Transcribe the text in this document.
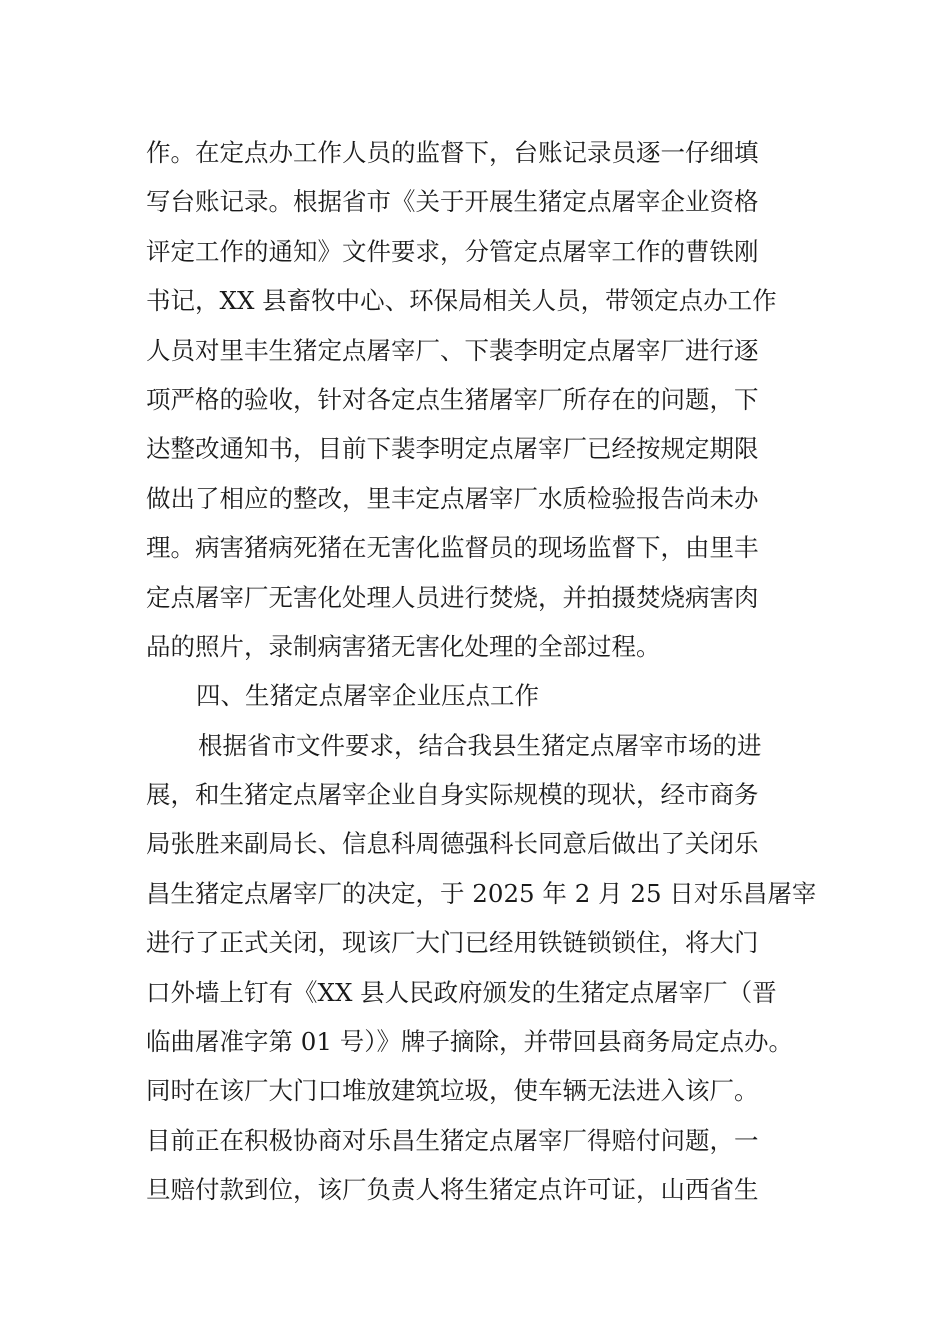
作。在定点办工作人员的监督下，台账记录员逐一仔细填
写台账记录。根据省市《关于开展生猪定点屠宰企业资格
评定工作的通知》文件要求，分管定点屠宰工作的曹铁刚
书记，XX 县畜牧中心、环保局相关人员，带领定点办工作
人员对里丰生猪定点屠宰厂、下裴李明定点屠宰厂进行逐
项严格的验收，针对各定点生猪屠宰厂所存在的问题，下
达整改通知书，目前下裴李明定点屠宰厂已经按规定期限
做出了相应的整改，里丰定点屠宰厂水质检验报告尚未办
理。病害猪病死猪在无害化监督员的现场监督下，由里丰
定点屠宰厂无害化处理人员进行焚烧，并拍摄焚烧病害肉
品的照片，录制病害猪无害化处理的全部过程。
四、生猪定点屠宰企业压点工作
根据省市文件要求，结合我县生猪定点屠宰市场的进
展，和生猪定点屠宰企业自身实际规模的现状，经市商务
局张胜来副局长、信息科周德强科长同意后做出了关闭乐
昌生猪定点屠宰厂的决定，于 2025 年 2 月 25 日对乐昌屠宰
进行了正式关闭，现该厂大门已经用铁链锁锁住，将大门
口外墙上钉有《XX 县人民政府颁发的生猪定点屠宰厂（晋
临曲屠准字第 01 号）》牌子摘除，并带回县商务局定点办。
同时在该厂大门口堆放建筑垃圾，使车辆无法进入该厂。
目前正在积极协商对乐昌生猪定点屠宰厂得赔付问题，一
旦赔付款到位，该厂负责人将生猪定点许可证，山西省生
